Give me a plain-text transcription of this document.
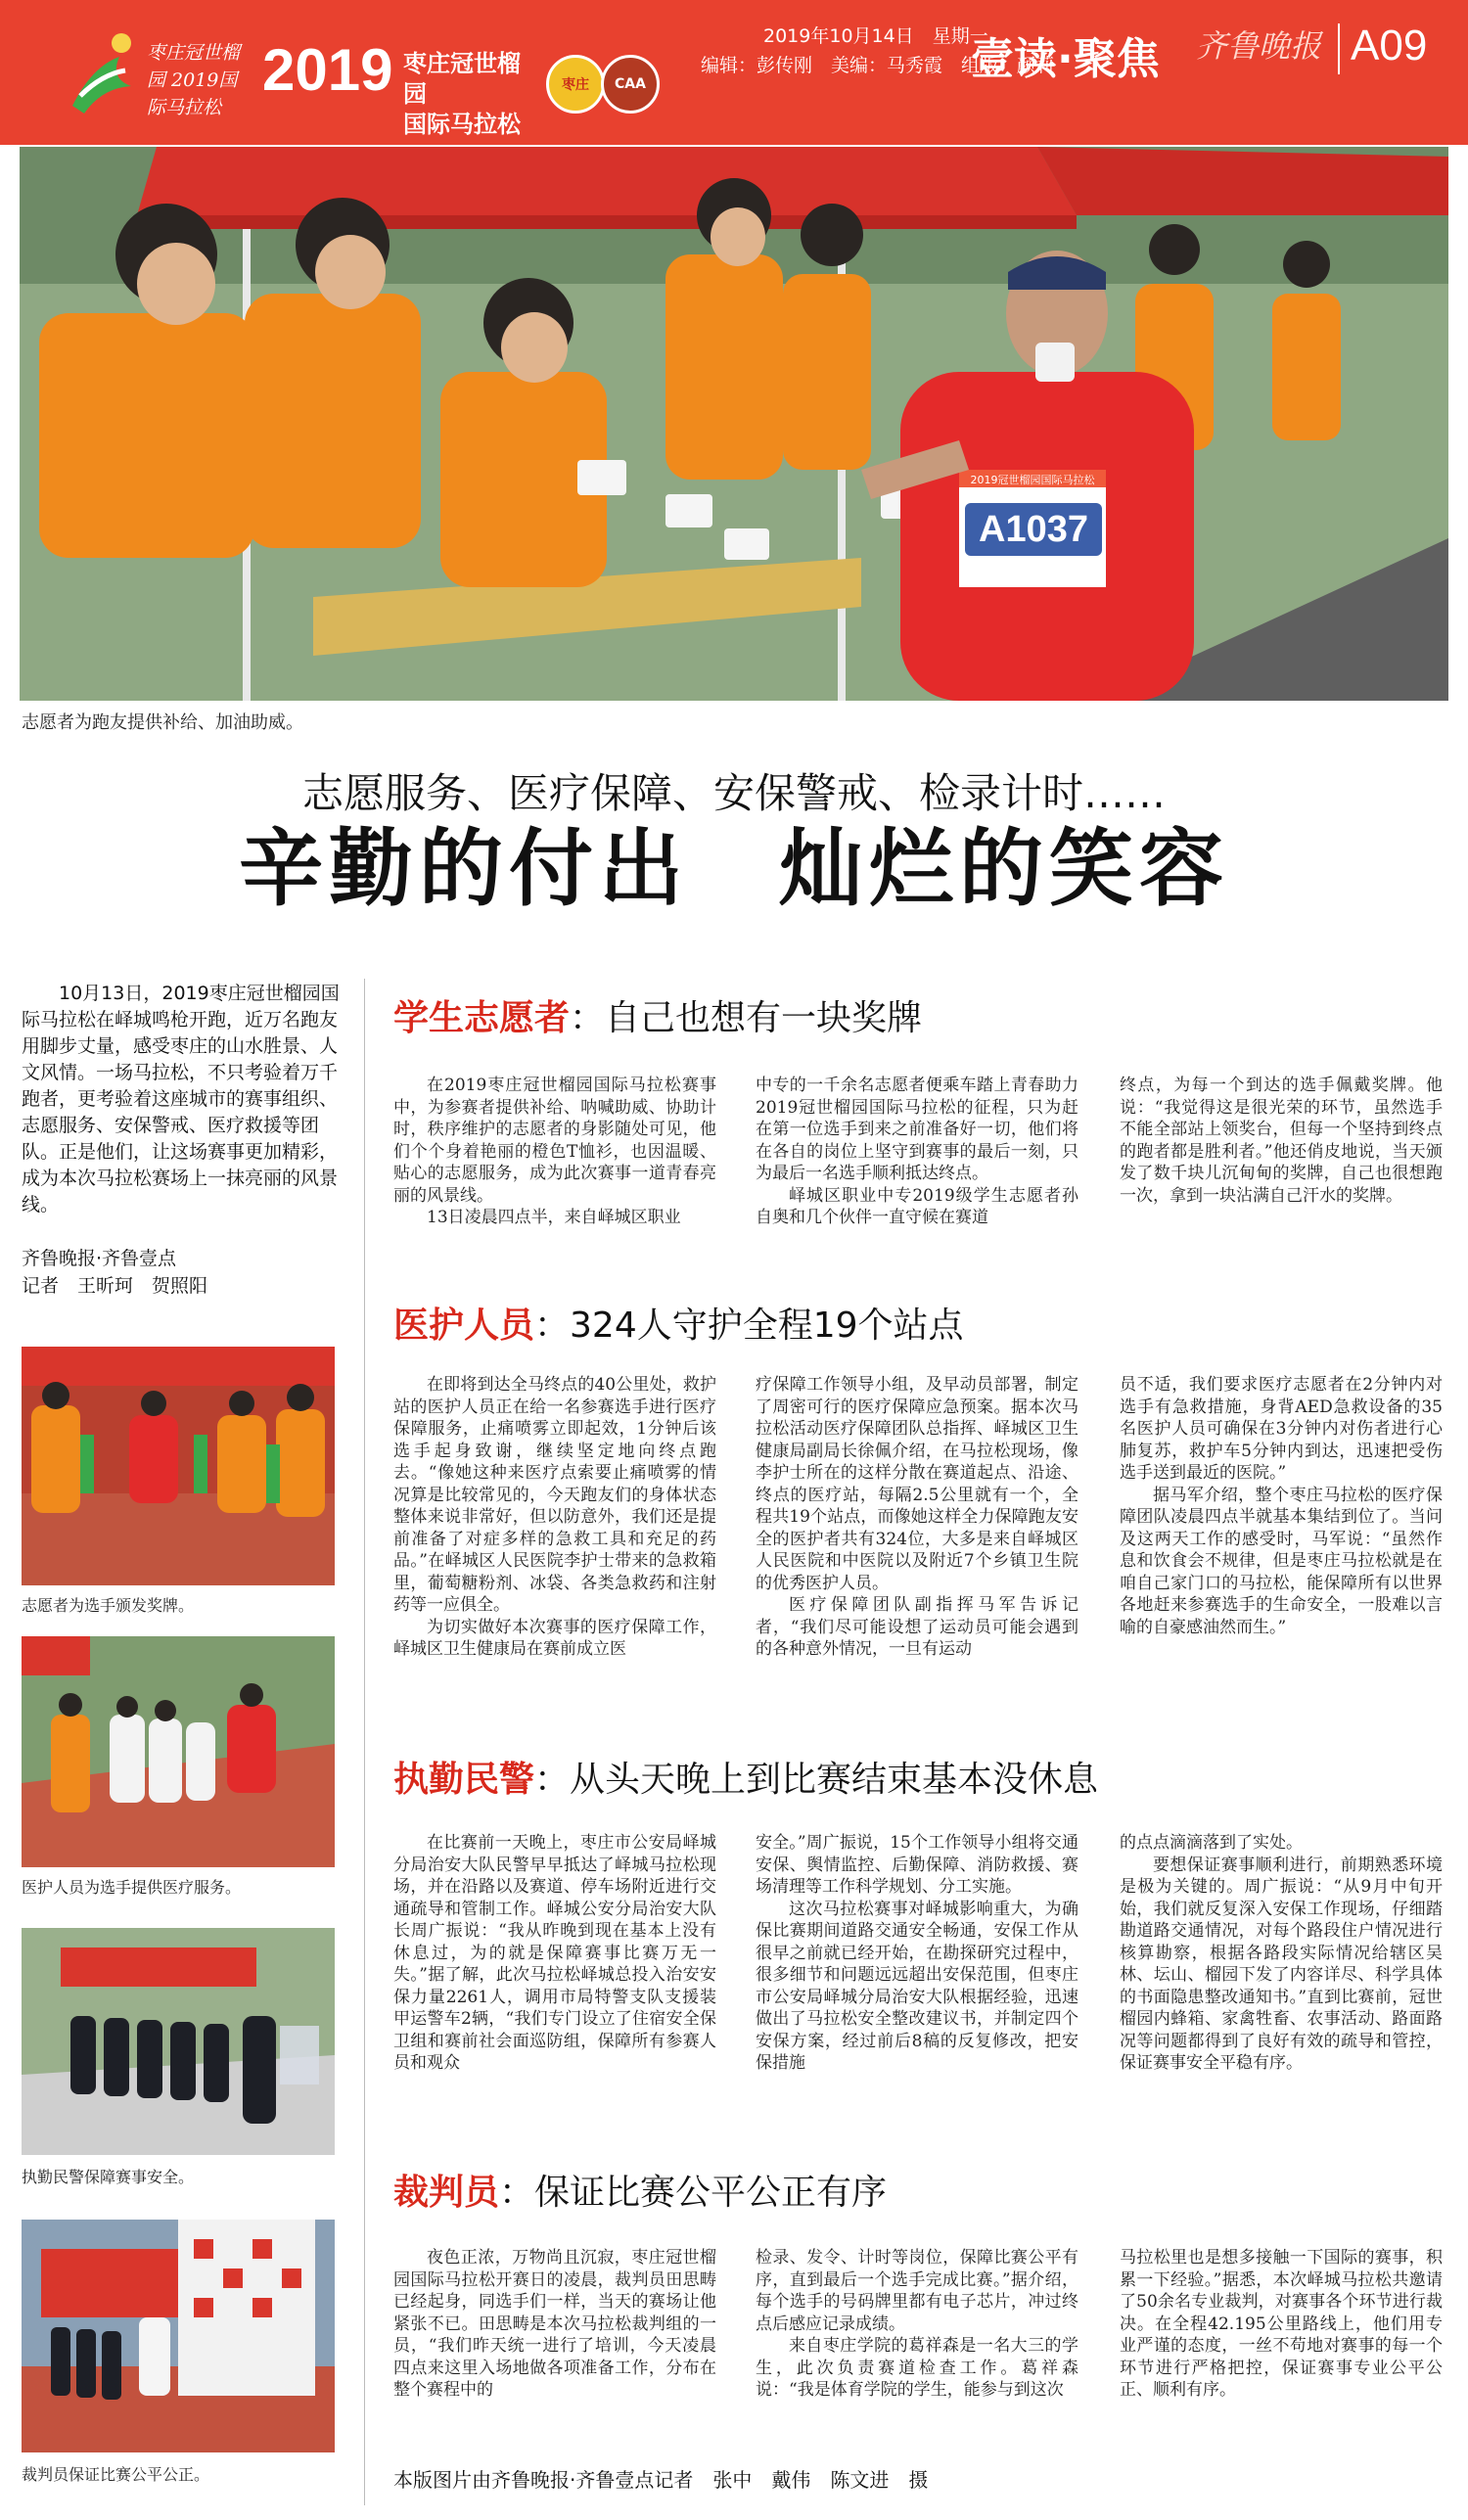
枣庄冠世榴园 2019国际马拉松
2019 枣庄冠世榴园
国际马拉松
枣庄	CAA
2019年10月14日　星期一
编辑：彭传刚　美编：马秀霞　组版：颜莉
壹读·聚焦 齐鲁晚报 A09
2019冠世榴园国际马拉松
A1037
志愿者为跑友提供补给、加油助威。
志愿服务、医疗保障、安保警戒、检录计时……
辛勤的付出　灿烂的笑容
10月13日，2019枣庄冠世榴园国际马拉松在峄城鸣枪开跑，近万名跑友用脚步丈量，感受枣庄的山水胜景、人文风情。一场马拉松，不只考验着万千跑者，更考验着这座城市的赛事组织、志愿服务、安保警戒、医疗救援等团队。正是他们，让这场赛事更加精彩，成为本次马拉松赛场上一抹亮丽的风景线。
齐鲁晚报·齐鲁壹点
记者　王昕珂　贺照阳
志愿者为选手颁发奖牌。
医护人员为选手提供医疗服务。
执勤民警保障赛事安全。
裁判员保证比赛公平公正。
学生志愿者：自己也想有一块奖牌

在2019枣庄冠世榴园国际马拉松赛事中，为参赛者提供补给、呐喊助威、协助计时，秩序维护的志愿者的身影随处可见，他们个个身着艳丽的橙色T恤衫，也因温暖、贴心的志愿服务，成为此次赛事一道青春亮丽的风景线。

13日凌晨四点半，来自峄城区职业

中专的一千余名志愿者便乘车踏上青春助力2019冠世榴园国际马拉松的征程，只为赶在第一位选手到来之前准备好一切，他们将在各自的岗位上坚守到赛事的最后一刻，只为最后一名选手顺利抵达终点。

峄城区职业中专2019级学生志愿者孙自奥和几个伙伴一直守候在赛道

终点，为每一个到达的选手佩戴奖牌。他说：“我觉得这是很光荣的环节，虽然选手不能全部站上领奖台，但每一个坚持到终点的跑者都是胜利者。”他还俏皮地说，当天颁发了数千块儿沉甸甸的奖牌，自己也很想跑一次，拿到一块沾满自己汗水的奖牌。

医护人员：324人守护全程19个站点

在即将到达全马终点的40公里处，救护站的医护人员正在给一名参赛选手进行医疗保障服务，止痛喷雾立即起效，1分钟后该选手起身致谢，继续坚定地向终点跑去。“像她这种来医疗点索要止痛喷雾的情况算是比较常见的，今天跑友们的身体状态整体来说非常好，但以防意外，我们还是提前准备了对症多样的急救工具和充足的药品。”在峄城区人民医院李护士带来的急救箱里，葡萄糖粉剂、冰袋、各类急救药和注射药等一应俱全。

为切实做好本次赛事的医疗保障工作，峄城区卫生健康局在赛前成立医

疗保障工作领导小组，及早动员部署，制定了周密可行的医疗保障应急预案。据本次马拉松活动医疗保障团队总指挥、峄城区卫生健康局副局长徐佩介绍，在马拉松现场，像李护士所在的这样分散在赛道起点、沿途、终点的医疗站，每隔2.5公里就有一个，全程共19个站点，而像她这样全力保障跑友安全的医护者共有324位，大多是来自峄城区人民医院和中医院以及附近7个乡镇卫生院的优秀医护人员。

医疗保障团队副指挥马军告诉记者，“我们尽可能设想了运动员可能会遇到的各种意外情况，一旦有运动

员不适，我们要求医疗志愿者在2分钟内对选手有急救措施，身背AED急救设备的35名医护人员可确保在3分钟内对伤者进行心肺复苏，救护车5分钟内到达，迅速把受伤选手送到最近的医院。”

据马军介绍，整个枣庄马拉松的医疗保障团队凌晨四点半就基本集结到位了。当问及这两天工作的感受时，马军说：“虽然作息和饮食会不规律，但是枣庄马拉松就是在咱自己家门口的马拉松，能保障所有以世界各地赶来参赛选手的生命安全，一股难以言喻的自豪感油然而生。”

执勤民警：从头天晚上到比赛结束基本没休息

在比赛前一天晚上，枣庄市公安局峄城分局治安大队民警早早抵达了峄城马拉松现场，并在沿路以及赛道、停车场附近进行交通疏导和管制工作。峄城公安分局治安大队长周广振说：“我从昨晚到现在基本上没有休息过，为的就是保障赛事比赛万无一失。”据了解，此次马拉松峄城总投入治安安保力量2261人，调用市局特警支队支援装甲运警车2辆，“我们专门设立了住宿安全保卫组和赛前社会面巡防组，保障所有参赛人员和观众

安全。”周广振说，15个工作领导小组将交通安保、舆情监控、后勤保障、消防救援、赛场清理等工作科学规划、分工实施。

这次马拉松赛事对峄城影响重大，为确保比赛期间道路交通安全畅通，安保工作从很早之前就已经开始，在勘探研究过程中，很多细节和问题远远超出安保范围，但枣庄市公安局峄城分局治安大队根据经验，迅速做出了马拉松安全整改建议书，并制定四个安保方案，经过前后8稿的反复修改，把安保措施

的点点滴滴落到了实处。

要想保证赛事顺利进行，前期熟悉环境是极为关键的。周广振说：“从9月中旬开始，我们就反复深入安保工作现场，仔细踏勘道路交通情况，对每个路段住户情况进行核算勘察，根据各路段实际情况给辖区吴林、坛山、榴园下发了内容详尽、科学具体的书面隐患整改通知书。”直到比赛前，冠世榴园内蜂箱、家禽牲畜、农事活动、路面路况等问题都得到了良好有效的疏导和管控，保证赛事安全平稳有序。

裁判员：保证比赛公平公正有序

夜色正浓，万物尚且沉寂，枣庄冠世榴园国际马拉松开赛日的凌晨，裁判员田思畴已经起身，同选手们一样，当天的赛场让他紧张不已。田思畴是本次马拉松裁判组的一员，“我们昨天统一进行了培训，今天凌晨四点来这里入场地做各项准备工作，分布在整个赛程中的

检录、发令、计时等岗位，保障比赛公平有序，直到最后一个选手完成比赛。”据介绍，每个选手的号码牌里都有电子芯片，冲过终点后感应记录成绩。

来自枣庄学院的葛祥森是一名大三的学生，此次负责赛道检查工作。葛祥森说：“我是体育学院的学生，能参与到这次

马拉松里也是想多接触一下国际的赛事，积累一下经验。”据悉，本次峄城马拉松共邀请了50余名专业裁判，对赛事各个环节进行裁决。在全程42.195公里路线上，他们用专业严谨的态度，一丝不苟地对赛事的每一个环节进行严格把控，保证赛事专业公平公正、顺利有序。

本版图片由齐鲁晚报·齐鲁壹点记者　张中　戴伟　陈文进　摄
